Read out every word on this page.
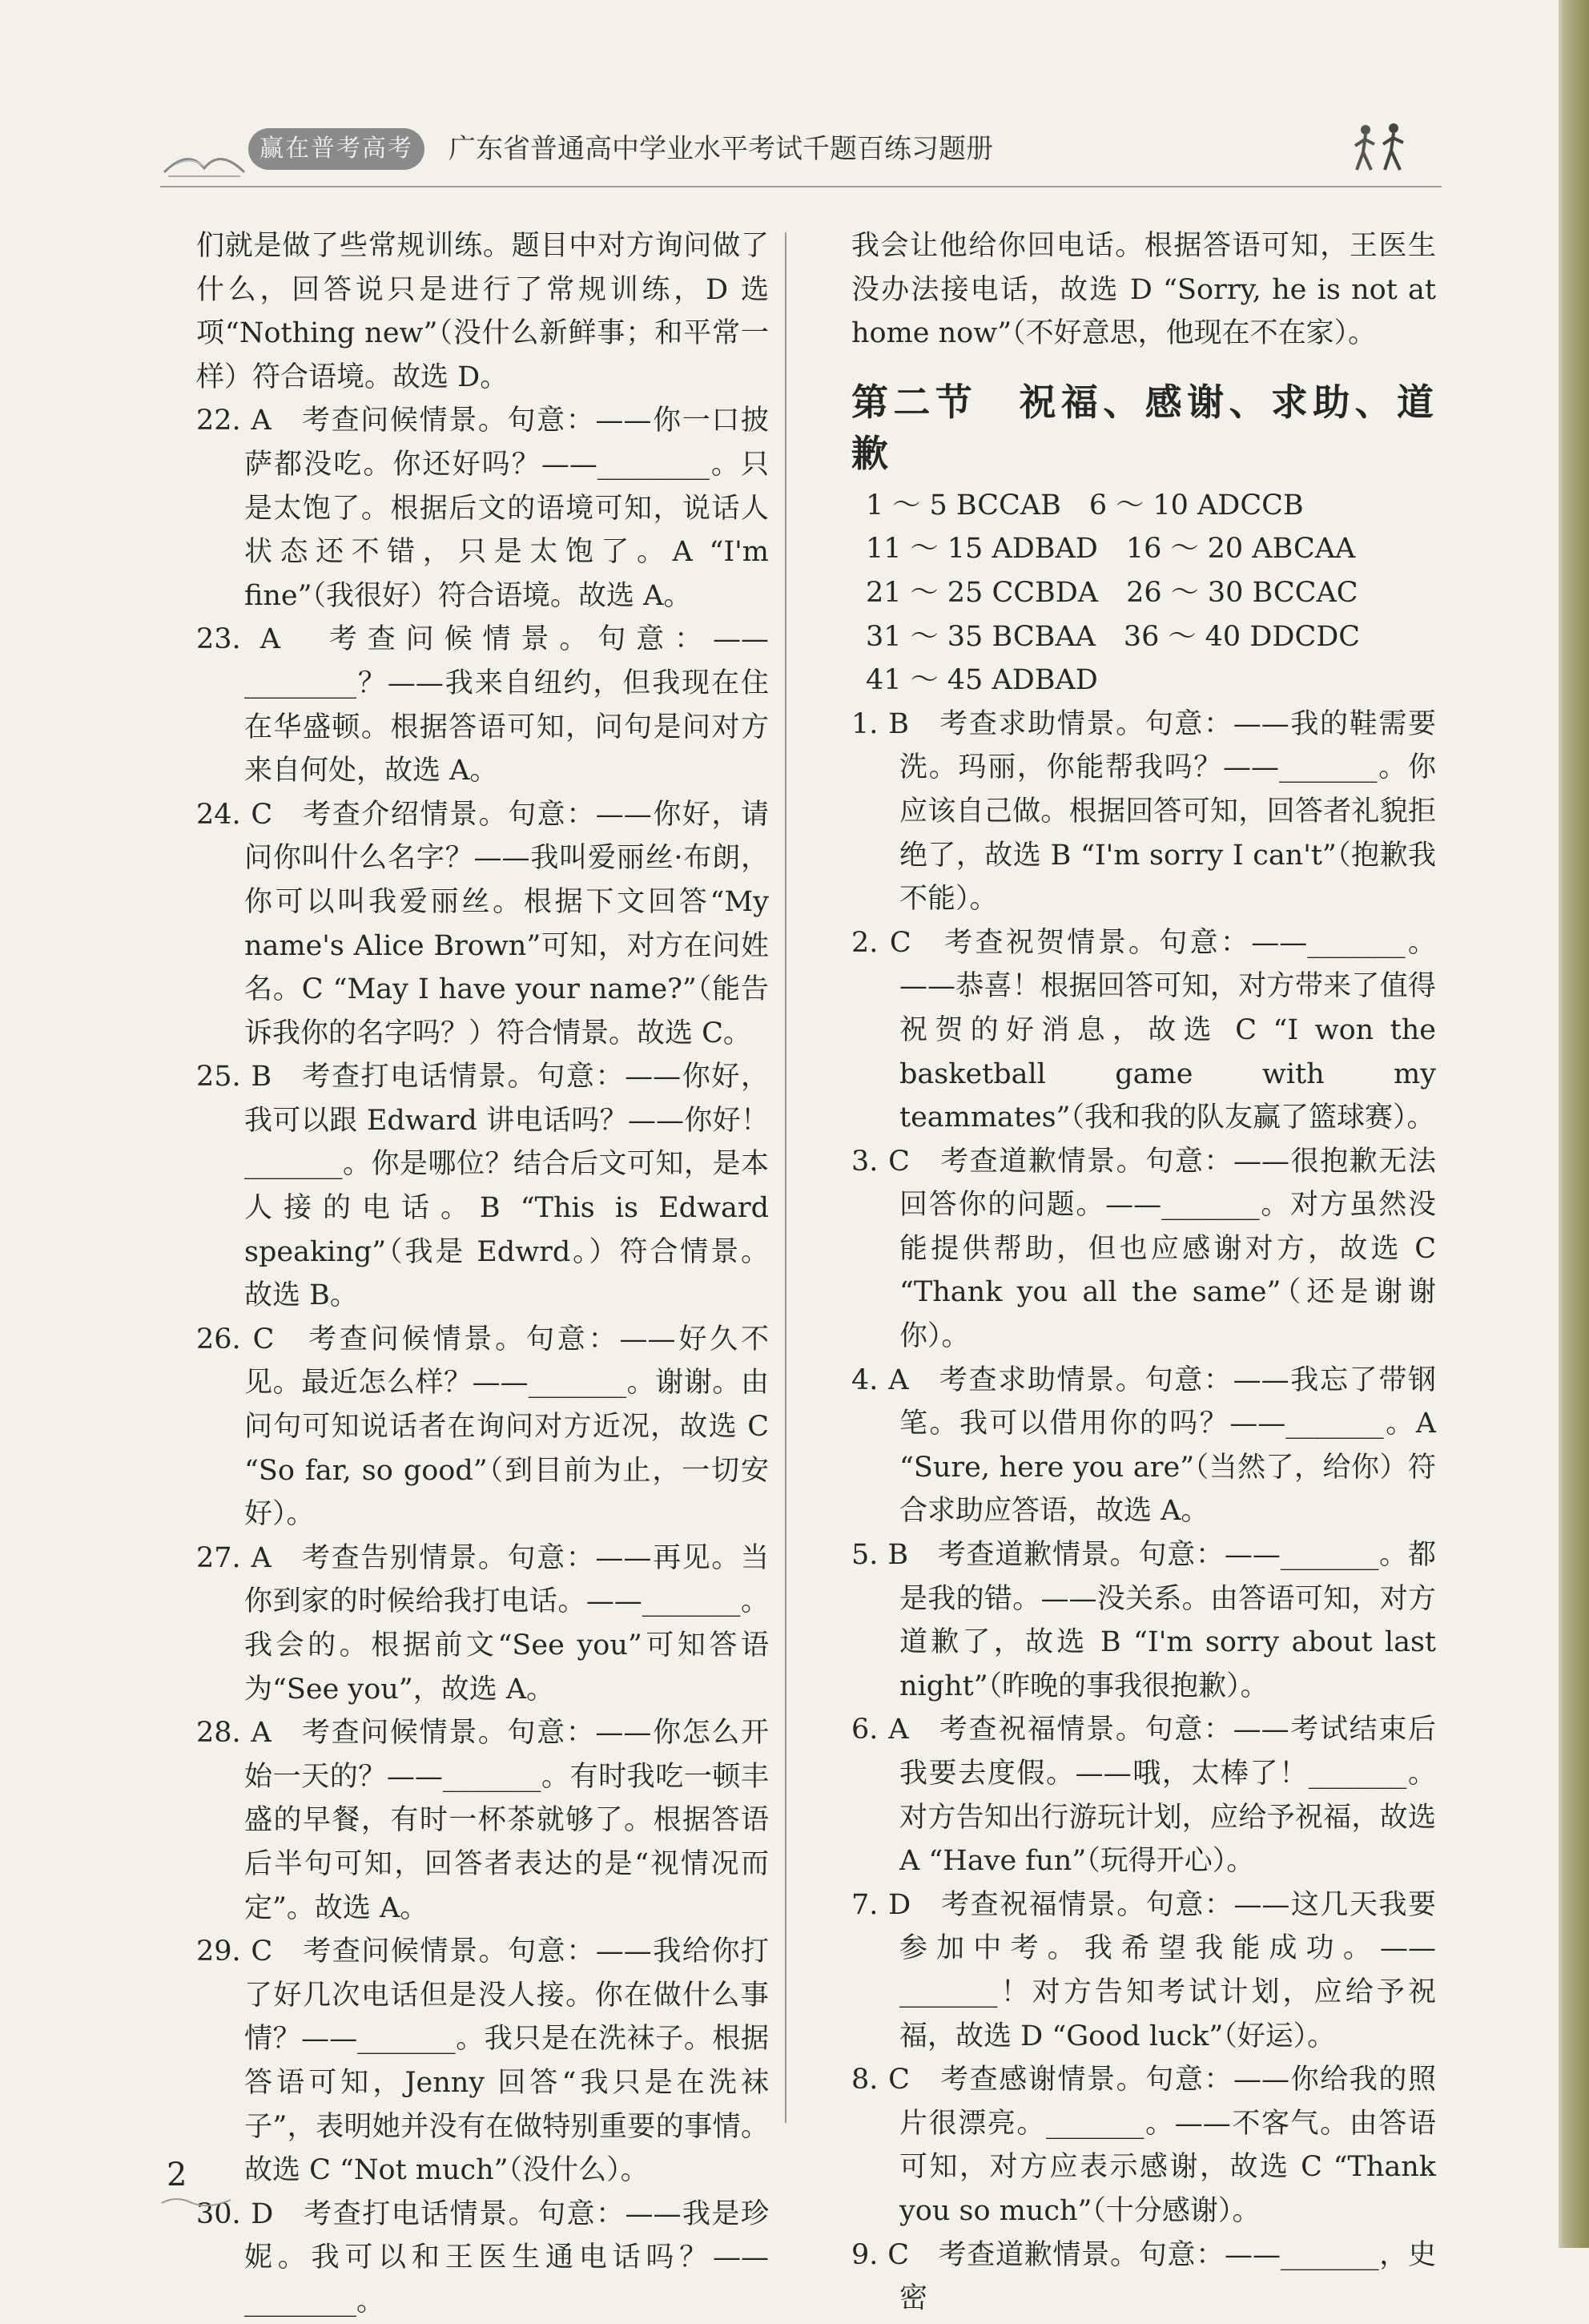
赢在普考高考	广东省普通高中学业水平考试千题百练习题册

们就是做了些常规训练。题目中对方询问做了什么，回答说只是进行了常规训练，D 选项“Nothing new”（没什么新鲜事；和平常一样）符合语境。故选 D。

22. A　考查问候情景。句意：——你一口披萨都没吃。你还好吗？——________。只是太饱了。根据后文的语境可知，说话人状态还不错，只是太饱了。A “I'm fine”（我很好）符合语境。故选 A。

23. A　考查问候情景。句意：——________？——我来自纽约，但我现在住在华盛顿。根据答语可知，问句是问对方来自何处，故选 A。

24. C　考查介绍情景。句意：——你好，请问你叫什么名字？——我叫爱丽丝·布朗，你可以叫我爱丽丝。根据下文回答“My name's Alice Brown”可知，对方在问姓名。C “May I have your name?”（能告诉我你的名字吗？）符合情景。故选 C。

25. B　考查打电话情景。句意：——你好，我可以跟 Edward 讲电话吗？——你好！_______。你是哪位？结合后文可知，是本人接的电话。B “This is Edward speaking”（我是 Edwrd。）符合情景。故选 B。

26. C　考查问候情景。句意：——好久不见。最近怎么样？——_______。谢谢。由问句可知说话者在询问对方近况，故选 C “So far, so good”（到目前为止，一切安好）。

27. A　考查告别情景。句意：——再见。当你到家的时候给我打电话。——_______。我会的。根据前文“See you”可知答语为“See you”，故选 A。

28. A　考查问候情景。句意：——你怎么开始一天的？——_______。有时我吃一顿丰盛的早餐，有时一杯茶就够了。根据答语后半句可知，回答者表达的是“视情况而定”。故选 A。

29. C　考查问候情景。句意：——我给你打了好几次电话但是没人接。你在做什么事情？——_______。我只是在洗袜子。根据答语可知，Jenny 回答“我只是在洗袜子”，表明她并没有在做特别重要的事情。故选 C “Not much”（没什么）。

30. D　考查打电话情景。句意：——我是珍妮。我可以和王医生通电话吗？——________。

我会让他给你回电话。根据答语可知，王医生没办法接电话，故选 D “Sorry, he is not at home now”（不好意思，他现在不在家）。

第二节　祝福、感谢、求助、道歉

1 ～ 5 BCCAB　6 ～ 10 ADCCB

11 ～ 15 ADBAD　16 ～ 20 ABCAA

21 ～ 25 CCBDA　26 ～ 30 BCCAC

31 ～ 35 BCBAA　36 ～ 40 DDCDC

41 ～ 45 ADBAD

1. B　考查求助情景。句意：——我的鞋需要洗。玛丽，你能帮我吗？——_______。你应该自己做。根据回答可知，回答者礼貌拒绝了，故选 B “I'm sorry I can't”（抱歉我不能）。

2. C　考查祝贺情景。句意：——_______。——恭喜！根据回答可知，对方带来了值得祝贺的好消息，故选 C “I won the basketball game with my teammates”（我和我的队友赢了篮球赛）。

3. C　考查道歉情景。句意：——很抱歉无法回答你的问题。——_______。对方虽然没能提供帮助，但也应感谢对方，故选 C “Thank you all the same”（还是谢谢你）。

4. A　考查求助情景。句意：——我忘了带钢笔。我可以借用你的吗？——_______。A “Sure, here you are”（当然了，给你）符合求助应答语，故选 A。

5. B　考查道歉情景。句意：——_______。都是我的错。——没关系。由答语可知，对方道歉了，故选 B “I'm sorry about last night”（昨晚的事我很抱歉）。

6. A　考查祝福情景。句意：——考试结束后我要去度假。——哦，太棒了！_______。对方告知出行游玩计划，应给予祝福，故选 A “Have fun”（玩得开心）。

7. D　考查祝福情景。句意：——这几天我要参加中考。我希望我能成功。——_______！对方告知考试计划，应给予祝福，故选 D “Good luck”（好运）。

8. C　考查感谢情景。句意：——你给我的照片很漂亮。_______。——不客气。由答语可知，对方应表示感谢，故选 C “Thank you so much”（十分感谢）。

9. C　考查道歉情景。句意：——_______，史密

2
